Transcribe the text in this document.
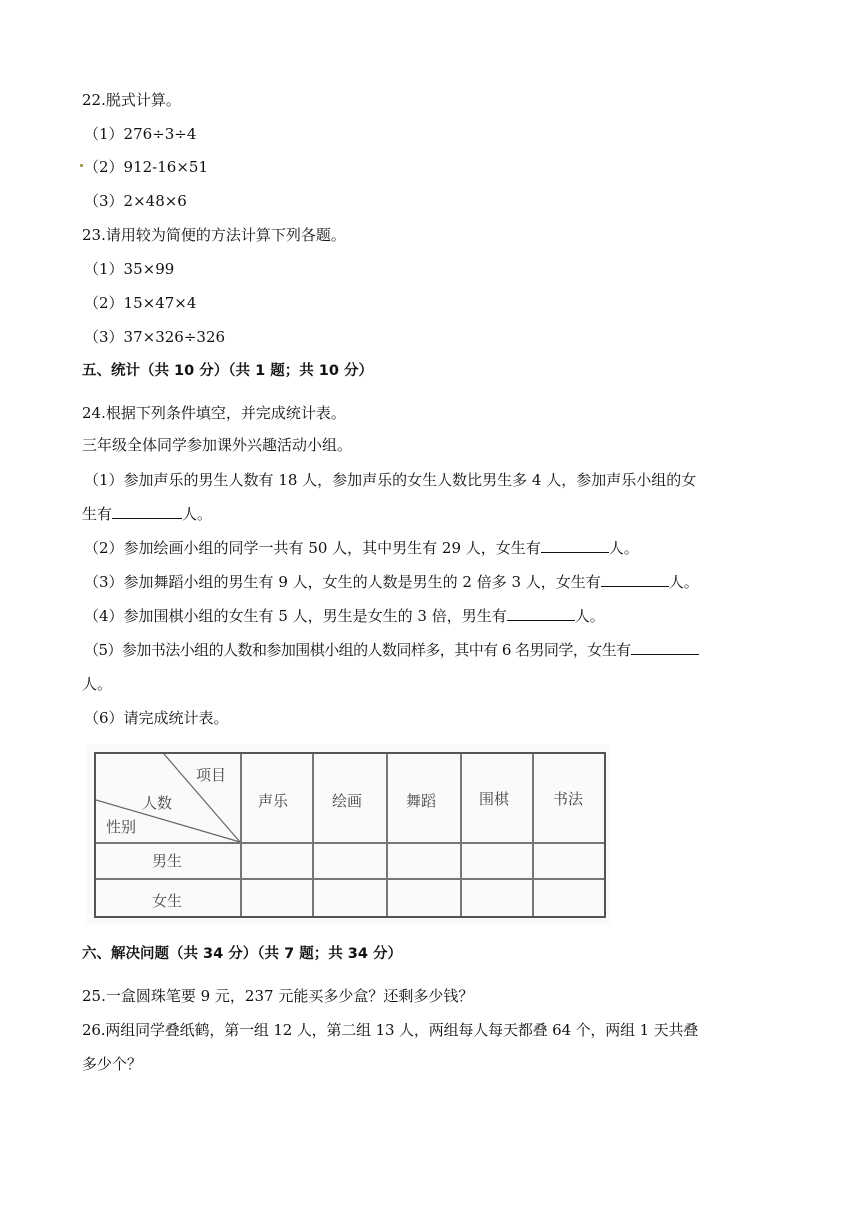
22.脱式计算。
（1）276÷3÷4
（2）912-16×51
（3）2×48×6
23.请用较为简便的方法计算下列各题。
（1）35×99
（2）15×47×4
（3）37×326÷326
五、统计（共 10 分）（共 1 题；共 10 分）
24.根据下列条件填空，并完成统计表。
三年级全体同学参加课外兴趣活动小组。
（1）参加声乐的男生人数有 18 人，参加声乐的女生人数比男生多 4 人，参加声乐小组的女
生有	人。
（2）参加绘画小组的同学一共有 50 人，其中男生有 29 人，女生有	人。
（3）参加舞蹈小组的男生有 9 人，女生的人数是男生的 2 倍多 3 人，女生有	人。
（4）参加围棋小组的女生有 5 人，男生是女生的 3 倍，男生有	人。
（5）参加书法小组的人数和参加围棋小组的人数同样多，其中有 6 名男同学，女生有
人。
（6）请完成统计表。
项目
人数
性别
声乐	绘画	舞蹈	围棋	书法
男生
女生
六、解决问题（共 34 分）（共 7 题；共 34 分）
25.一盒圆珠笔要 9 元，237 元能买多少盒？还剩多少钱？
26.两组同学叠纸鹤，第一组 12 人，第二组 13 人，两组每人每天都叠 64 个，两组 1 天共叠
多少个？
